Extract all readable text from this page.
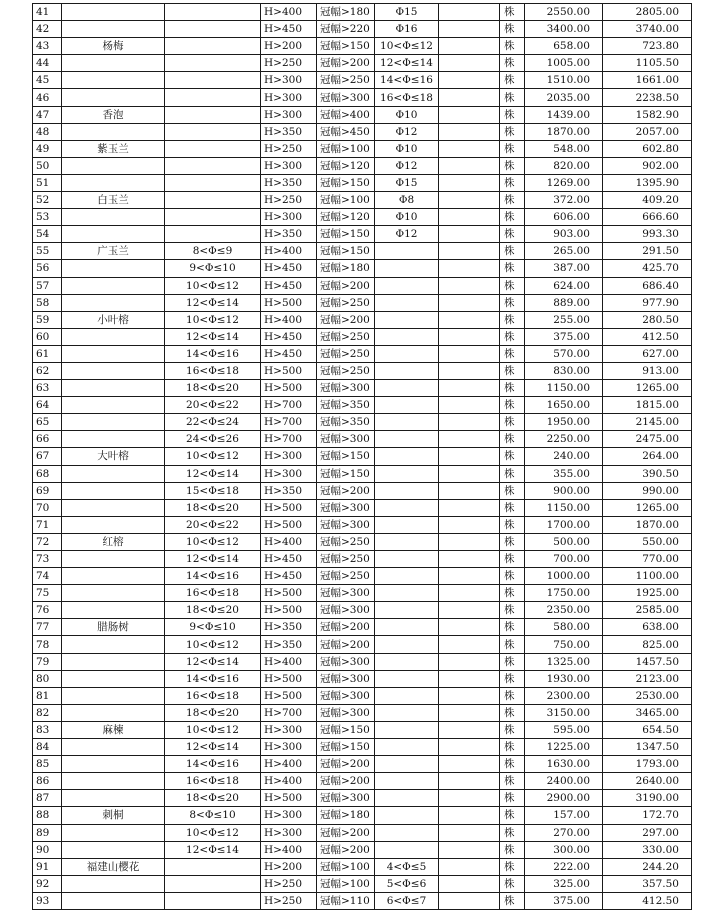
41			H>400	冠幅>180	Φ15		株	2550.00	2805.00
42			H>450	冠幅>220	Φ16		株	3400.00	3740.00
43	杨梅		H>200	冠幅>150	10<Φ≤12		株	658.00	723.80
44			H>250	冠幅>200	12<Φ≤14		株	1005.00	1105.50
45			H>300	冠幅>250	14<Φ≤16		株	1510.00	1661.00
46			H>300	冠幅>300	16<Φ≤18		株	2035.00	2238.50
47	香泡		H>300	冠幅>400	Φ10		株	1439.00	1582.90
48			H>350	冠幅>450	Φ12		株	1870.00	2057.00
49	紫玉兰		H>250	冠幅>100	Φ10		株	548.00	602.80
50			H>300	冠幅>120	Φ12		株	820.00	902.00
51			H>350	冠幅>150	Φ15		株	1269.00	1395.90
52	白玉兰		H>250	冠幅>100	Φ8		株	372.00	409.20
53			H>300	冠幅>120	Φ10		株	606.00	666.60
54			H>350	冠幅>150	Φ12		株	903.00	993.30
55	广玉兰	8<Φ≤9	H>400	冠幅>150			株	265.00	291.50
56		9<Φ≤10	H>450	冠幅>180			株	387.00	425.70
57		10<Φ≤12	H>450	冠幅>200			株	624.00	686.40
58		12<Φ≤14	H>500	冠幅>250			株	889.00	977.90
59	小叶榕	10<Φ≤12	H>400	冠幅>200			株	255.00	280.50
60		12<Φ≤14	H>450	冠幅>250			株	375.00	412.50
61		14<Φ≤16	H>450	冠幅>250			株	570.00	627.00
62		16<Φ≤18	H>500	冠幅>250			株	830.00	913.00
63		18<Φ≤20	H>500	冠幅>300			株	1150.00	1265.00
64		20<Φ≤22	H>700	冠幅>350			株	1650.00	1815.00
65		22<Φ≤24	H>700	冠幅>350			株	1950.00	2145.00
66		24<Φ≤26	H>700	冠幅>300			株	2250.00	2475.00
67	大叶榕	10<Φ≤12	H>300	冠幅>150			株	240.00	264.00
68		12<Φ≤14	H>300	冠幅>150			株	355.00	390.50
69		15<Φ≤18	H>350	冠幅>200			株	900.00	990.00
70		18<Φ≤20	H>500	冠幅>300			株	1150.00	1265.00
71		20<Φ≤22	H>500	冠幅>300			株	1700.00	1870.00
72	红榕	10<Φ≤12	H>400	冠幅>250			株	500.00	550.00
73		12<Φ≤14	H>450	冠幅>250			株	700.00	770.00
74		14<Φ≤16	H>450	冠幅>250			株	1000.00	1100.00
75		16<Φ≤18	H>500	冠幅>300			株	1750.00	1925.00
76		18<Φ≤20	H>500	冠幅>300			株	2350.00	2585.00
77	腊肠树	9<Φ≤10	H>350	冠幅>200			株	580.00	638.00
78		10<Φ≤12	H>350	冠幅>200			株	750.00	825.00
79		12<Φ≤14	H>400	冠幅>300			株	1325.00	1457.50
80		14<Φ≤16	H>500	冠幅>300			株	1930.00	2123.00
81		16<Φ≤18	H>500	冠幅>300			株	2300.00	2530.00
82		18<Φ≤20	H>700	冠幅>300			株	3150.00	3465.00
83	麻楝	10<Φ≤12	H>300	冠幅>150			株	595.00	654.50
84		12<Φ≤14	H>300	冠幅>150			株	1225.00	1347.50
85		14<Φ≤16	H>400	冠幅>200			株	1630.00	1793.00
86		16<Φ≤18	H>400	冠幅>200			株	2400.00	2640.00
87		18<Φ≤20	H>500	冠幅>300			株	2900.00	3190.00
88	刺桐	8<Φ≤10	H>300	冠幅>180			株	157.00	172.70
89		10<Φ≤12	H>300	冠幅>200			株	270.00	297.00
90		12<Φ≤14	H>400	冠幅>200			株	300.00	330.00
91	福建山樱花		H>200	冠幅>100	4<Φ≤5		株	222.00	244.20
92			H>250	冠幅>100	5<Φ≤6		株	325.00	357.50
93			H>250	冠幅>110	6<Φ≤7		株	375.00	412.50
